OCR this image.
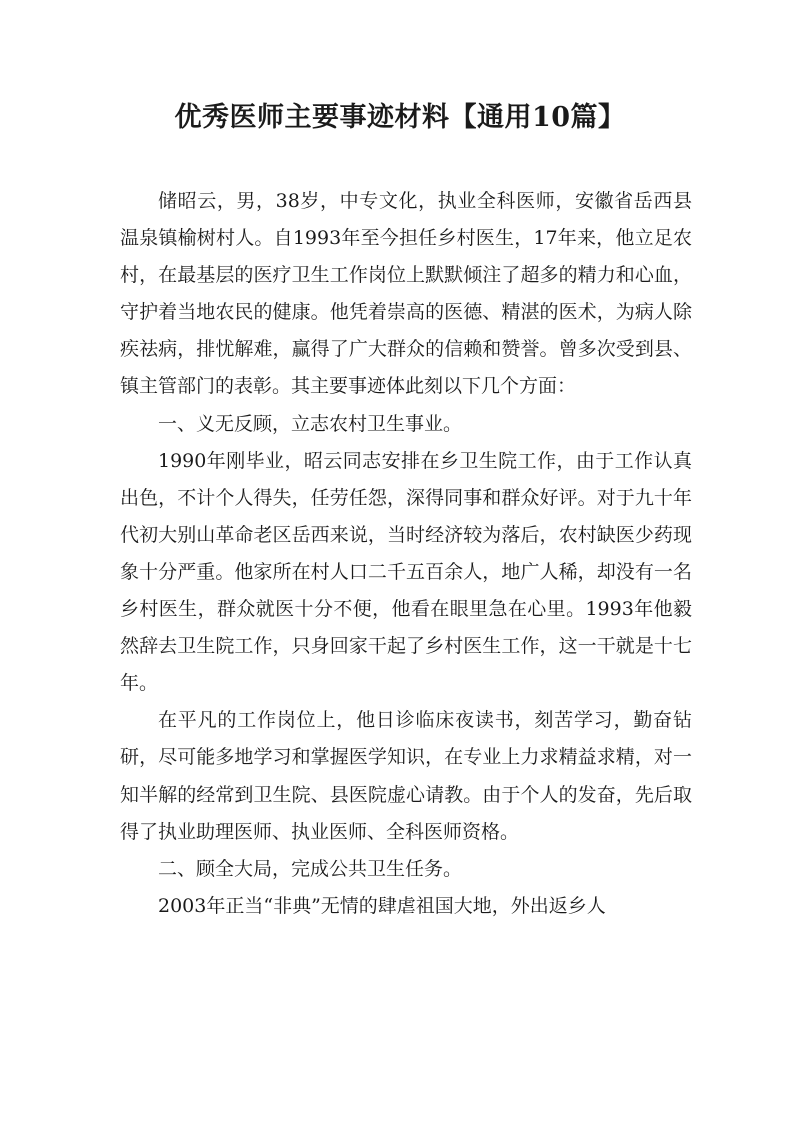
优秀医师主要事迹材料【通用10篇】

储昭云，男，38岁，中专文化，执业全科医师，安徽省岳西县温泉镇榆树村人。自1993年至今担任乡村医生，17年来，他立足农村，在最基层的医疗卫生工作岗位上默默倾注了超多的精力和心血，守护着当地农民的健康。他凭着崇高的医德、精湛的医术，为病人除疾祛病，排忧解难，赢得了广大群众的信赖和赞誉。曾多次受到县、镇主管部门的表彰。其主要事迹体此刻以下几个方面：

一、义无反顾，立志农村卫生事业。

1990年刚毕业，昭云同志安排在乡卫生院工作，由于工作认真出色，不计个人得失，任劳任怨，深得同事和群众好评。对于九十年代初大别山革命老区岳西来说，当时经济较为落后，农村缺医少药现象十分严重。他家所在村人口二千五百余人，地广人稀，却没有一名乡村医生，群众就医十分不便，他看在眼里急在心里。1993年他毅然辞去卫生院工作，只身回家干起了乡村医生工作，这一干就是十七年。

在平凡的工作岗位上，他日诊临床夜读书，刻苦学习，勤奋钻研，尽可能多地学习和掌握医学知识，在专业上力求精益求精，对一知半解的经常到卫生院、县医院虚心请教。由于个人的发奋，先后取得了执业助理医师、执业医师、全科医师资格。

二、顾全大局，完成公共卫生任务。

2003年正当“非典”无情的肆虐祖国大地，外出返乡人
